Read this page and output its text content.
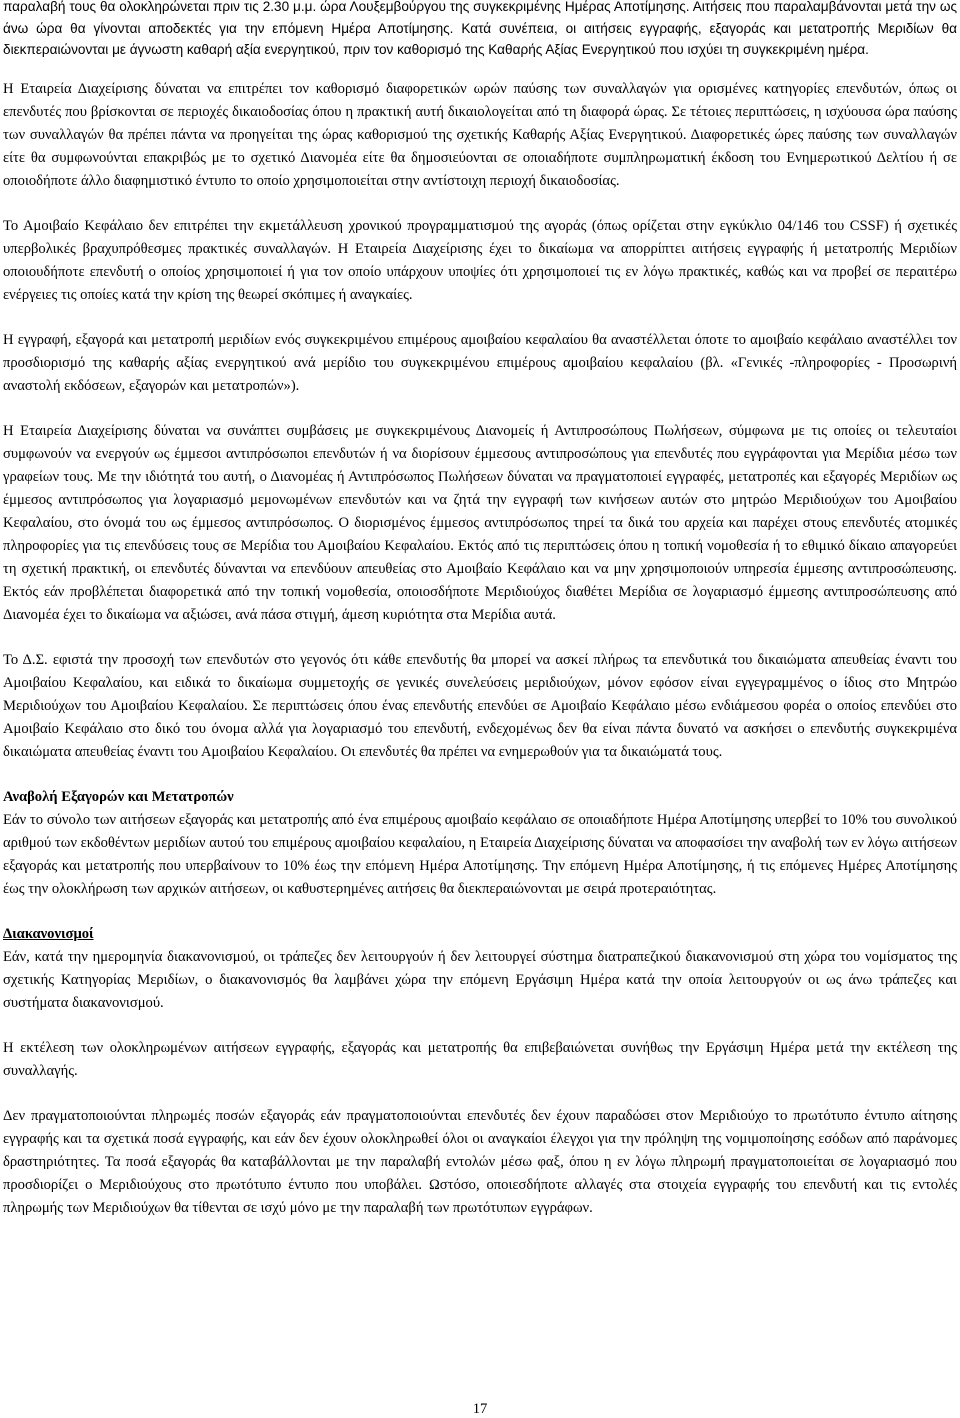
παραλαβή τους θα ολοκληρώνεται πριν τις 2.30 μ.μ. ώρα Λουξεμβούργου της συγκεκριμένης Ημέρας Αποτίμησης. Αιτήσεις που παραλαμβάνονται μετά την ως άνω ώρα θα γίνονται αποδεκτές για την επόμενη Ημέρα Αποτίμησης. Κατά συνέπεια, οι αιτήσεις εγγραφής, εξαγοράς και μετατροπής Μεριδίων θα διεκπεραιώνονται με άγνωστη καθαρή αξία ενεργητικού, πριν τον καθορισμό της Καθαρής Αξίας Ενεργητικού που ισχύει τη συγκεκριμένη ημέρα.

Η Εταιρεία Διαχείρισης δύναται να επιτρέπει τον καθορισμό διαφορετικών ωρών παύσης των συναλλαγών για ορισμένες κατηγορίες επενδυτών, όπως οι επενδυτές που βρίσκονται σε περιοχές δικαιοδοσίας όπου η πρακτική αυτή δικαιολογείται από τη διαφορά ώρας. Σε τέτοιες περιπτώσεις, η ισχύουσα ώρα παύσης των συναλλαγών θα πρέπει πάντα να προηγείται της ώρας καθορισμού της σχετικής Καθαρής Αξίας Ενεργητικού. Διαφορετικές ώρες παύσης των συναλλαγών είτε θα συμφωνούνται επακριβώς με το σχετικό Διανομέα είτε θα δημοσιεύονται σε οποιαδήποτε συμπληρωματική έκδοση του Ενημερωτικού Δελτίου ή σε οποιοδήποτε άλλο διαφημιστικό έντυπο το οποίο χρησιμοποιείται στην αντίστοιχη περιοχή δικαιοδοσίας.

Το Αμοιβαίο Κεφάλαιο δεν επιτρέπει την εκμετάλλευση χρονικού προγραμματισμού της αγοράς (όπως ορίζεται στην εγκύκλιο 04/146 του CSSF) ή σχετικές υπερβολικές βραχυπρόθεσμες πρακτικές συναλλαγών. Η Εταιρεία Διαχείρισης έχει το δικαίωμα να απορρίπτει αιτήσεις εγγραφής ή μετατροπής Μεριδίων οποιουδήποτε επενδυτή ο οποίος χρησιμοποιεί ή για τον οποίο υπάρχουν υποψίες ότι χρησιμοποιεί τις εν λόγω πρακτικές, καθώς και να προβεί σε περαιτέρω ενέργειες τις οποίες κατά την κρίση της θεωρεί σκόπιμες ή αναγκαίες.

Η εγγραφή, εξαγορά και μετατροπή μεριδίων ενός συγκεκριμένου επιμέρους αμοιβαίου κεφαλαίου θα αναστέλλεται όποτε το αμοιβαίο κεφάλαιο αναστέλλει τον προσδιορισμό της καθαρής αξίας ενεργητικού ανά μερίδιο του συγκεκριμένου επιμέρους αμοιβαίου κεφαλαίου (βλ. «Γενικές -πληροφορίες - Προσωρινή αναστολή εκδόσεων, εξαγορών και μετατροπών»).

Η Εταιρεία Διαχείρισης δύναται να συνάπτει συμβάσεις με συγκεκριμένους Διανομείς ή Αντιπροσώπους Πωλήσεων, σύμφωνα με τις οποίες οι τελευταίοι συμφωνούν να ενεργούν ως έμμεσοι αντιπρόσωποι επενδυτών ή να διορίσουν έμμεσους αντιπροσώπους για επενδυτές που εγγράφονται για Μερίδια μέσω των γραφείων τους. Με την ιδιότητά του αυτή, ο Διανομέας ή Αντιπρόσωπος Πωλήσεων δύναται να πραγματοποιεί εγγραφές, μετατροπές και εξαγορές Μεριδίων ως έμμεσος αντιπρόσωπος για λογαριασμό μεμονωμένων επενδυτών και να ζητά την εγγραφή των κινήσεων αυτών στο μητρώο Μεριδιούχων του Αμοιβαίου Κεφαλαίου, στο όνομά του ως έμμεσος αντιπρόσωπος. Ο διορισμένος έμμεσος αντιπρόσωπος τηρεί τα δικά του αρχεία και παρέχει στους επενδυτές ατομικές πληροφορίες για τις επενδύσεις τους σε Μερίδια του Αμοιβαίου Κεφαλαίου. Εκτός από τις περιπτώσεις όπου η τοπική νομοθεσία ή το εθιμικό δίκαιο απαγορεύει τη σχετική πρακτική, οι επενδυτές δύνανται να επενδύουν απευθείας στο Αμοιβαίο Κεφάλαιο και να μην χρησιμοποιούν υπηρεσία έμμεσης αντιπροσώπευσης. Εκτός εάν προβλέπεται διαφορετικά από την τοπική νομοθεσία, οποιοσδήποτε Μεριδιούχος διαθέτει Μερίδια σε λογαριασμό έμμεσης αντιπροσώπευσης από Διανομέα έχει το δικαίωμα να αξιώσει, ανά πάσα στιγμή, άμεση κυριότητα στα Μερίδια αυτά.

Το Δ.Σ. εφιστά την προσοχή των επενδυτών στο γεγονός ότι κάθε επενδυτής θα μπορεί να ασκεί πλήρως τα επενδυτικά του δικαιώματα απευθείας έναντι του Αμοιβαίου Κεφαλαίου, και ειδικά το δικαίωμα συμμετοχής σε γενικές συνελεύσεις μεριδιούχων, μόνον εφόσον είναι εγγεγραμμένος ο ίδιος στο Μητρώο Μεριδιούχων του Αμοιβαίου Κεφαλαίου. Σε περιπτώσεις όπου ένας επενδυτής επενδύει σε Αμοιβαίο Κεφάλαιο μέσω ενδιάμεσου φορέα ο οποίος επενδύει στο Αμοιβαίο Κεφάλαιο στο δικό του όνομα αλλά για λογαριασμό του επενδυτή, ενδεχομένως δεν θα είναι πάντα δυνατό να ασκήσει ο επενδυτής συγκεκριμένα δικαιώματα απευθείας έναντι του Αμοιβαίου Κεφαλαίου. Οι επενδυτές θα πρέπει να ενημερωθούν για τα δικαιώματά τους.

Αναβολή Εξαγορών και Μετατροπών

Εάν το σύνολο των αιτήσεων εξαγοράς και μετατροπής από ένα επιμέρους αμοιβαίο κεφάλαιο σε οποιαδήποτε Ημέρα Αποτίμησης υπερβεί το 10% του συνολικού αριθμού των εκδοθέντων μεριδίων αυτού του επιμέρους αμοιβαίου κεφαλαίου, η Εταιρεία Διαχείρισης δύναται να αποφασίσει την αναβολή των εν λόγω αιτήσεων εξαγοράς και μετατροπής που υπερβαίνουν το 10% έως την επόμενη Ημέρα Αποτίμησης. Την επόμενη Ημέρα Αποτίμησης, ή τις επόμενες Ημέρες Αποτίμησης έως την ολοκλήρωση των αρχικών αιτήσεων, οι καθυστερημένες αιτήσεις θα διεκπεραιώνονται με σειρά προτεραιότητας.

Διακανονισμοί

Εάν, κατά την ημερομηνία διακανονισμού, οι τράπεζες δεν λειτουργούν ή δεν λειτουργεί σύστημα διατραπεζικού διακανονισμού στη χώρα του νομίσματος της σχετικής Κατηγορίας Μεριδίων, ο διακανονισμός θα λαμβάνει χώρα την επόμενη Εργάσιμη Ημέρα κατά την οποία λειτουργούν οι ως άνω τράπεζες και συστήματα διακανονισμού.

Η εκτέλεση των ολοκληρωμένων αιτήσεων εγγραφής, εξαγοράς και μετατροπής θα επιβεβαιώνεται συνήθως την Εργάσιμη Ημέρα μετά την εκτέλεση της συναλλαγής.

Δεν πραγματοποιούνται πληρωμές ποσών εξαγοράς εάν πραγματοποιούνται επενδυτές δεν έχουν παραδώσει στον Μεριδιούχο το πρωτότυπο έντυπο αίτησης εγγραφής και τα σχετικά ποσά εγγραφής, και εάν δεν έχουν ολοκληρωθεί όλοι οι αναγκαίοι έλεγχοι για την πρόληψη της νομιμοποίησης εσόδων από παράνομες δραστηριότητες. Τα ποσά εξαγοράς θα καταβάλλονται με την παραλαβή εντολών μέσω φαξ, όπου η εν λόγω πληρωμή πραγματοποιείται σε λογαριασμό που προσδιορίζει ο Μεριδιούχους στο πρωτότυπο έντυπο που υποβάλει. Ωστόσο, οποιεσδήποτε αλλαγές στα στοιχεία εγγραφής του επενδυτή και τις εντολές πληρωμής των Μεριδιούχων θα τίθενται σε ισχύ μόνο με την παραλαβή των πρωτότυπων εγγράφων.

17
